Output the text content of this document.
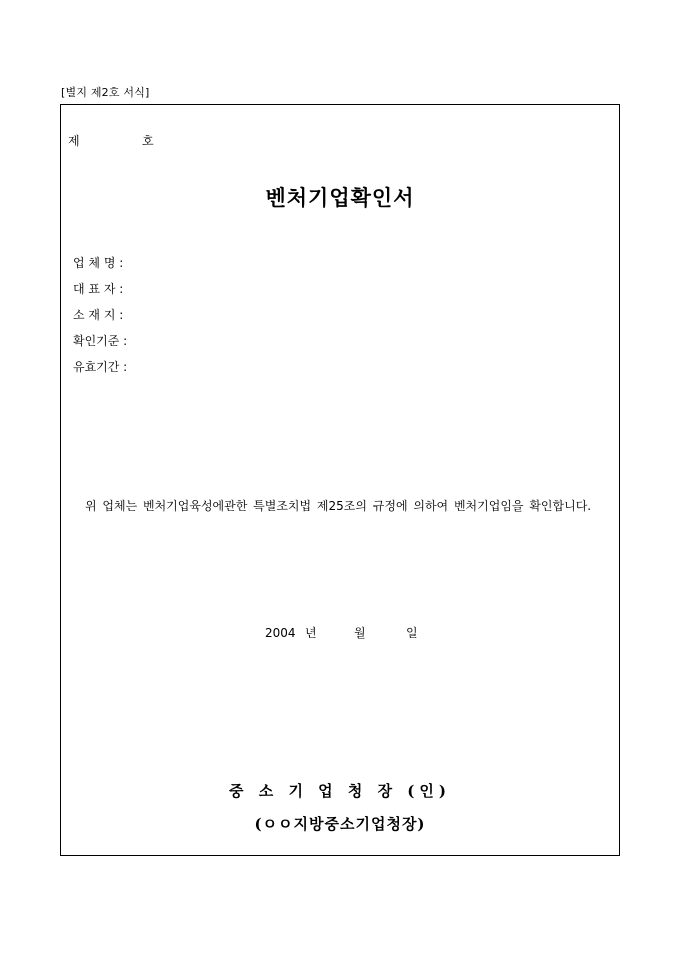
[별지 제2호 서식]
제	호
벤처기업확인서
업 체 명 :
대 표 자 :
소 재 지 :
확인기준 :
유효기간 :
위 업체는 벤처기업육성에관한 특별조치법 제25조의 규정에 의하여 벤처기업임을 확인합니다.
2004 년	월	일
중 소 기 업 청 장 (인)
(ㅇㅇ지방중소기업청장)
